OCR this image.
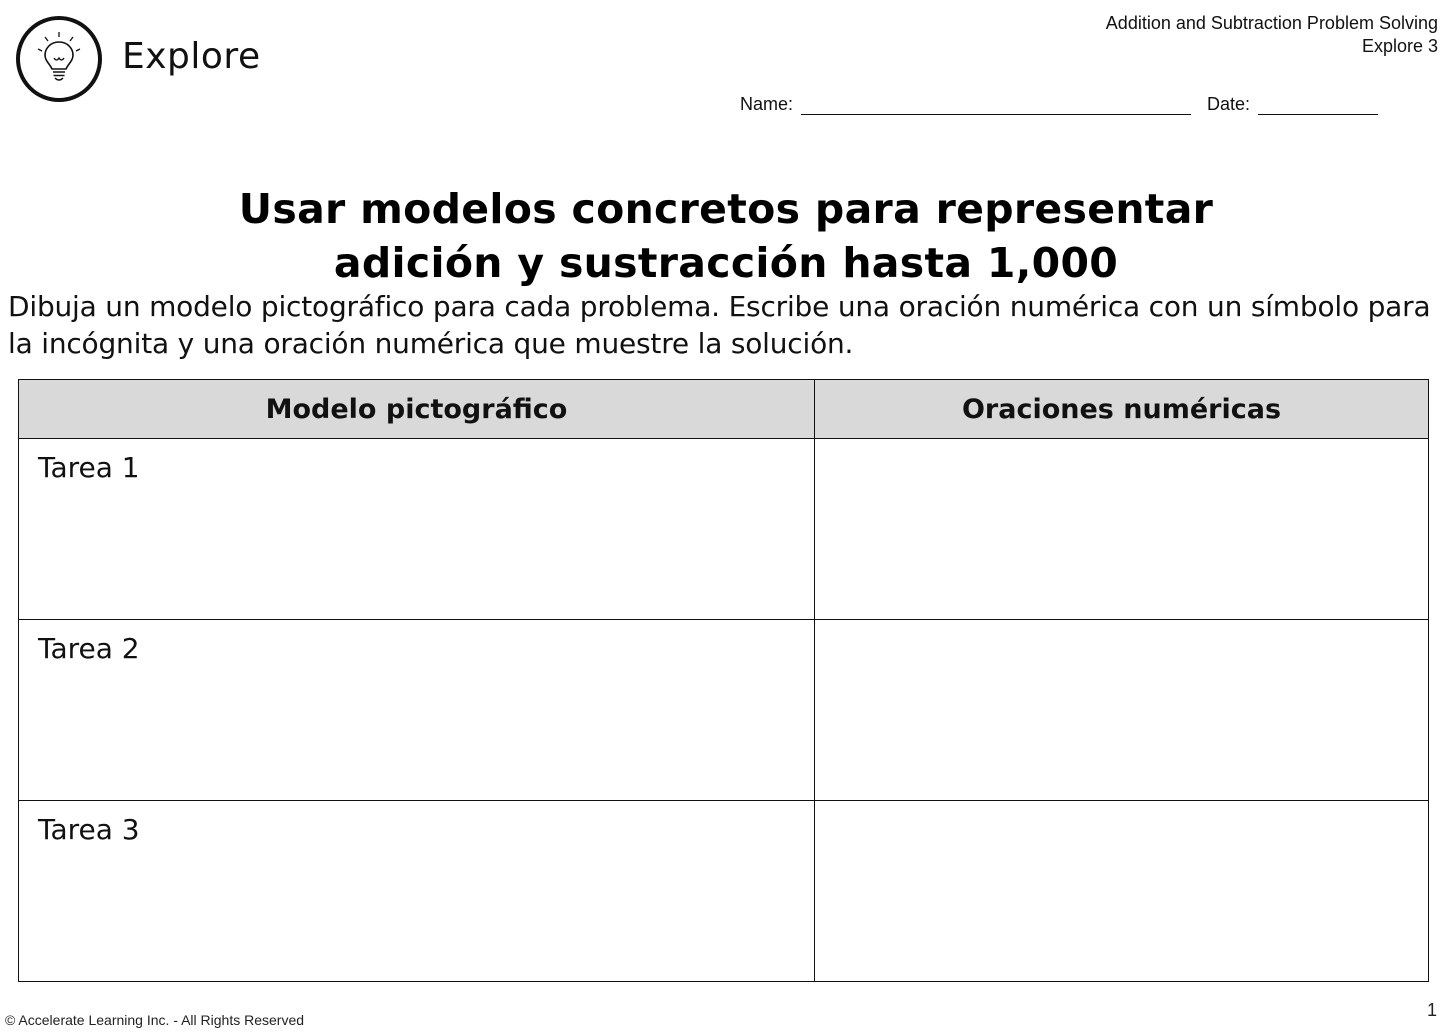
Explore
Addition and Subtraction Problem Solving
Explore 3
Name:	Date:
Usar modelos concretos para representar
adición y sustracción hasta 1,000
Dibuja un modelo pictográfico para cada problema. Escribe una oración numérica con un símbolo para la incógnita y una oración numérica que muestre la solución.
Modelo pictográfico	Oraciones numéricas

Tarea 1	

Tarea 2	

Tarea 3	

© Accelerate Learning Inc. - All Rights Reserved	1
